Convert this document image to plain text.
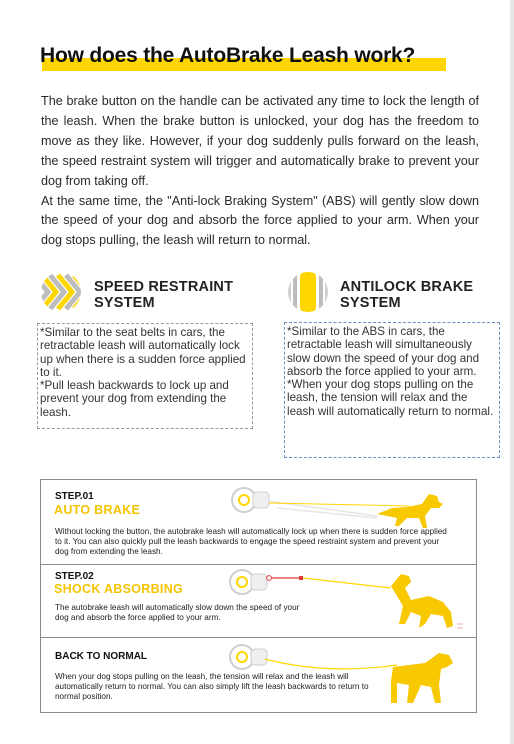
How does the AutoBrake Leash work?

The brake button on the handle can be activated any time to lock the length of the leash. When the brake button is unlocked, your dog has the freedom to move as they like. However, if your dog suddenly pulls forward on the leash, the speed restraint system will trigger and automatically brake to prevent your dog from taking off.

At the same time, the "Anti-lock Braking System" (ABS) will gently slow down the speed of your dog and absorb the force applied to your arm. When your dog stops pulling, the leash will return to normal.

SPEED RESTRAINT
SYSTEM

*Similar to the seat belts in cars, the retractable leash will automatically lock up when there is a sudden force applied to it.

*Pull leash backwards to lock up and prevent your dog from extending the leash.

ANTILOCK BRAKE
SYSTEM

*Similar to the ABS in cars, the retractable leash will simultaneously slow down the speed of your dog and absorb the force applied to your arm.

*When your dog stops pulling on the leash, the tension will relax and the leash will automatically return to normal.

STEP.01
AUTO BRAKE
Without locking the button, the autobrake leash will automatically lock up when there is sudden force applied to it. You can also quickly pull the leash backwards to engage the speed restraint system and prevent your dog from extending the leash.
STEP.02
SHOCK ABSORBING
The autobrake leash will automatically slow down the speed of your dog and absorb the force applied to your arm.
BACK TO NORMAL
When your dog stops pulling on the leash, the tension will relax and the leash will automatically return to normal. You can also simply lift the leash backwards to return to normal position.
